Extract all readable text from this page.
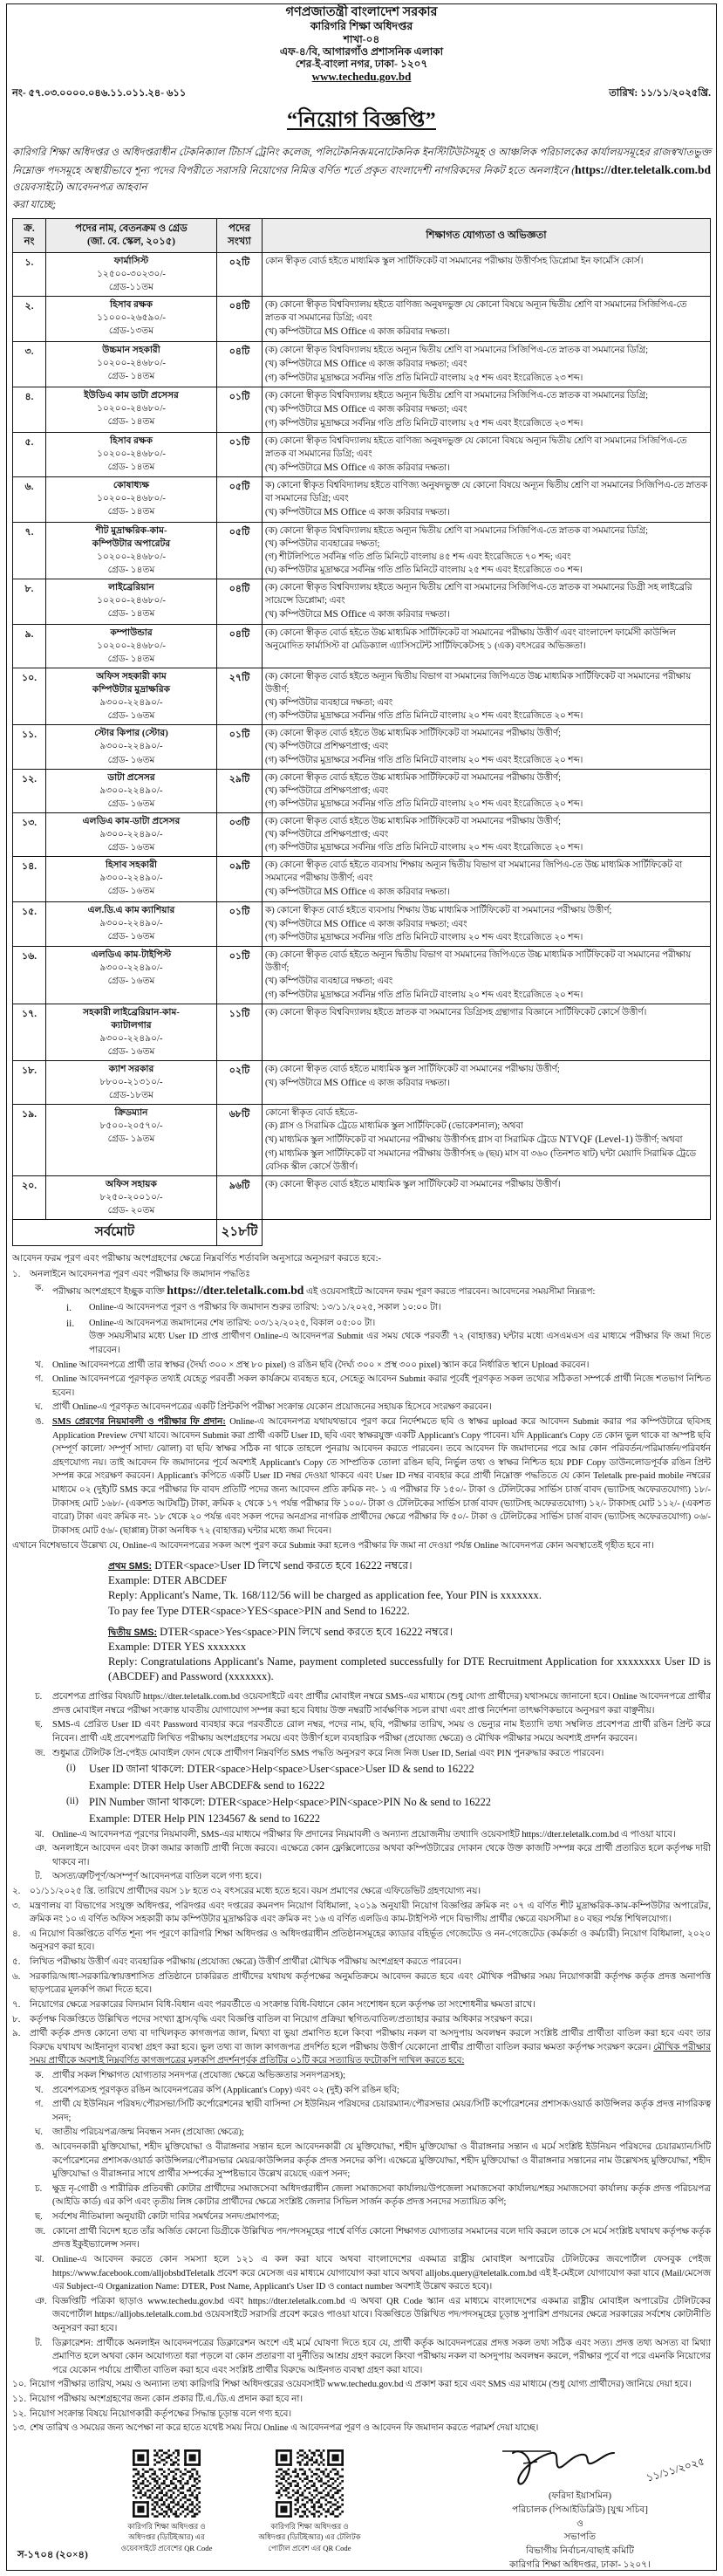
গণপ্রজাতন্ত্রী বাংলাদেশ সরকার
কারিগরি শিক্ষা অধিদপ্তর
শাখা-০৪
এফ-৪/বি, আগারগাঁও প্রশাসনিক এলাকা
শের-ই-বাংলা নগর, ঢাকা- ১২০৭
www.techedu.gov.bd
নং- ৫৭.০৩.০০০০.০৪৬.১১.০১১.২৪- ৬১১	তারিখ: ১১/১১/২০২৫খ্রি.
“নিয়োগ বিজ্ঞপ্তি”
কারিগরি শিক্ষা অধিদপ্তর ও অধিদপ্তরাধীন টেকনিক্যাল টিচার্স ট্রেনিং কলেজ, পলিটেকনিক/মনোটেকনিক ইনস্টিটিউটসমূহ ও আঞ্চলিক পরিচালকের কার্যালয়সমূহের রাজস্বখাতভুক্ত নিম্নোক্ত পদসমূহে অস্থায়ীভাবে শূন্য পদের বিপরীতে সরাসরি নিয়োগের নিমিত্ত বর্ণিত শর্তে প্রকৃত বাংলাদেশী নাগরিকদের নিকট হতে অনলাইনে (https://dter.teletalk.com.bd ওয়েবসাইটে) আবেদনপত্র আহবান
করা যাচ্ছে;
ক্র.
নং	পদের নাম, বেতনক্রম ও গ্রেড
(জা. বে. স্কেল, ২০১৫)	পদের
সংখ্যা	শিক্ষাগত যোগ্যতা ও অভিজ্ঞতা
১.	ফার্মাসিস্ট
১২৫০০-৩০২৩০/-
গ্রেড-১১তম	০২টি	কোন স্বীকৃত বোর্ড হইতে মাধ্যমিক স্কুল সার্টিফিকেট বা সমমানের পরীক্ষায় উত্তীর্ণসহ ডিপ্লোমা ইন ফার্মেসি কোর্স।

২.	হিসাব রক্ষক
১১০০০-২৬৫৯০/-
গ্রেড-১৩তম
	০৪টি	(ক) কোনো স্বীকৃত বিশ্ববিদ্যালয় হইতে বাণিজ্য অনুষদভুক্ত যে কোনো বিষয়ে অন্যূন দ্বিতীয় শ্রেণি বা সমমানের সিজিপিএ-তে স্নাতক বা সমমানের ডিগ্রি; এবং
(খ) কম্পিউটারে MS Office এ কাজ করিবার দক্ষতা।

৩.	উচ্চমান সহকারী
১০২০০-২৪৬৮০/-
গ্রেড- ১৪তম
	০৪টি	(ক) কোনো স্বীকৃত বিশ্ববিদ্যালয় হইতে অন্যূন দ্বিতীয় শ্রেণি বা সমমানের সিজিপিএ-তে স্নাতক বা সমমানের ডিগ্রি;
(খ) কম্পিউটারে MS Office এ কাজ করিবার দক্ষতা; এবং
(গ) কম্পিউটার মুদ্রাক্ষরে সর্বনিম্ন গতি প্রতি মিনিটে বাংলায় ২৫ শব্দ এবং ইংরেজিতে ২৩ শব্দ।

৪.	ইউডিএ কাম ডাটা প্রসেসর
১০২০০-২৪৬৮০/-
গ্রেড- ১৪তম
	০১টি	(ক) কোনো স্বীকৃত বিশ্ববিদ্যালয় হইতে অন্যূন দ্বিতীয় শ্রেণি বা সমমানের সিজিপিএ-তে স্নাতক বা সমমানের ডিগ্রি;
(খ) কম্পিউটারে MS Office এ কাজ করিবার দক্ষতা; এবং
(গ) কম্পিউটার মুদ্রাক্ষরে সর্বনিম্ন গতি প্রতি মিনিটে বাংলায় ২৫ শব্দ এবং ইংরেজিতে ২৩ শব্দ।

৫.	হিসাব রক্ষক
১০২০০-২৪৬৮০/-
গ্রেড- ১৪তম
	০১টি	(ক) কোনো স্বীকৃত বিশ্ববিদ্যালয় হইতে বাণিজ্য অনুষদভুক্ত যে কোনো বিষয়ে অন্যূন দ্বিতীয় শ্রেণি বা সমমানের সিজিপিএ-তে স্নাতক বা সমমানের ডিগ্রি; এবং
(খ) কম্পিউটারে MS Office এ কাজ করিবার দক্ষতা।

৬.	কোষাধ্যক্ষ
১০২০০-২৪৬৮০/-
গ্রেড- ১৪তম
	০৫টি	ক) কোনো স্বীকৃত বিশ্ববিদ্যালয় হইতে বাণিজ্য অনুষদভুক্ত যে কোনো বিষয়ে অন্যূন দ্বিতীয় শ্রেণি বা সমমানের সিজিপিএ-তে স্নাতক বা সমমানের ডিগ্রি; এবং
(খ) কম্পিউটারে MS Office এ কাজ করিবার দক্ষতা।

৭.	শীট মুদ্রাক্ষরিক-কাম-
কম্পিউটার অপারেটর
১০২০০-২৪৬৮০/-
গ্রেড- ১৪তম
	০৫টি	(ক) কোনো স্বীকৃত বিশ্ববিদ্যালয় হইতে অন্যূন দ্বিতীয় শ্রেণি বা সমমানের সিজিপিএ-তে স্নাতক বা সমমানের ডিগ্রি;
(খ) কম্পিউটার ব্যবহারের দক্ষতা;
(গ) শীটলিপিতে সর্বনিম্ন গতি প্রতি মিনিটে বাংলায় ৪৫ শব্দ এবং ইংরেজিতে ৭০ শব্দ; এবং
(ঘ) কম্পিউটার মুদ্রাক্ষরে সর্বনিম্ন গতি প্রতি মিনিটে বাংলায় ২৫ শব্দ এবং ইংরেজিতে ৩০ শব্দ।

৮.	লাইব্রেরিয়ান
১০২০০-২৪৬৮০/-
গ্রেড- ১৪তম
	০৪টি	(ক) কোনো স্বীকৃত বিশ্ববিদ্যালয় হইতে অন্যূন দ্বিতীয় শ্রেণি বা সমমানের সিজিপিএ-তে স্নাতক বা সমমানের ডিগ্রী সহ লাইব্রেরি সায়েন্সে ডিপ্লোমা; এবং
(খ) কম্পিউটারে MS Office এ কাজ করিবার দক্ষতা।

৯.	কম্পাউন্ডার
১০২০০-২৪৬৮০/-
গ্রেড- ১৪তম	০৪টি	(ক) কোনো স্বীকৃত বোর্ড হইতে উচ্চ মাধ্যমিক সার্টিফিকেট বা সমমানের পরীক্ষায় উত্তীর্ণ এবং বাংলাদেশ ফার্মেসী কাউন্সিল অনুমোদিত ফার্মাসিস্ট বা মেডিক্যাল এ্যাসিসটেন্ট সার্টিফিকেটসহ ১ (এক) বৎসরের অভিজ্ঞতা।

১০.	অফিস সহকারী কাম
কম্পিউটার মুদ্রাক্ষরিক
৯৩০০-২২৪৯০/-
গ্রেড- ১৬তম
	২৭টি	(ক) কোনো স্বীকৃত বোর্ড হইতে অন্যূন দ্বিতীয় বিভাগ বা সমমানের জিপিএতে উচ্চ মাধ্যমিক সার্টিফিকেট বা সমমানের পরীক্ষায় উত্তীর্ণ;
(খ) কম্পিউটার ব্যবহারে দক্ষতা; এবং
(গ) কম্পিউটার মুদ্রাক্ষরে সর্বনিম্ন গতি প্রতি মিনিটে বাংলায় ২০ শব্দ এবং ইংরেজিতে ২০ শব্দ।

১১.	স্টোর কিপার (স্টোর)
৯৩০০-২২৪৯০/-
গ্রেড- ১৬তম
	০১টি	(ক) কোনো স্বীকৃত বোর্ড হইতে উচ্চ মাধ্যমিক সার্টিফিকেট বা সমমানের পরীক্ষায় উত্তীর্ণ;
(খ) কম্পিউটারে প্রশিক্ষণপ্রাপ্ত; এবং
(গ) কম্পিউটার মুদ্রাক্ষরে সর্বনিম্ন গতি প্রতি মিনিটে বাংলায় ২০ শব্দ এবং ইংরেজিতে ২০ শব্দ।

১২.	ডাটা প্রসেসর
৯৩০০-২২৪৯০/-
গ্রেড- ১৬তম
	২৯টি	(ক) কোনো স্বীকৃত বোর্ড হইতে উচ্চ মাধ্যমিক সার্টিফিকেট বা সমমানের পরীক্ষায় উত্তীর্ণ;
(খ) কম্পিউটারে প্রশিক্ষণপ্রাপ্ত; এবং
(গ) কম্পিউটার মুদ্রাক্ষরে সর্বনিম্ন গতি প্রতি মিনিটে বাংলায় ২০ শব্দ এবং ইংরেজিতে ২০ শব্দ।

১৩.	এলডিএ কাম-ডাটা প্রসেসর
৯৩০০-২২৪৯০/-
গ্রেড- ১৬তম
	০৩টি	(ক) কোনো স্বীকৃত বোর্ড হইতে উচ্চ মাধ্যমিক সার্টিফিকেট বা সমমানের পরীক্ষায় উত্তীর্ণ;
(খ) কম্পিউটারে প্রশিক্ষণপ্রাপ্ত; এবং
(গ) কম্পিউটার মুদ্রাক্ষরে সর্বনিম্ন গতি প্রতি মিনিটে বাংলায় ২০ শব্দ এবং ইংরেজিতে ২০ শব্দ।

১৪.	হিসাব সহকারী
৯৩০০-২২৪৯০/-
গ্রেড- ১৬তম
	০৯টি	(ক) কোনো স্বীকৃত বোর্ড হইতে ব্যবসায় শিক্ষায় অন্যূন দ্বিতীয় বিভাগ বা সমমানের জিপিএ-তে উচ্চ মাধ্যমিক সার্টিফিকেট বা সমমানের পরীক্ষায় উত্তীর্ণ; এবং
(খ) কম্পিউটারে MS Office এ কাজ করিবার দক্ষতা।

১৫.	এল.ডি.এ কাম ক্যাশিয়ার
৯৩০০-২২৪৯০/-
গ্রেড- ১৬তম
	০১টি	ক) কোনো স্বীকৃত বোর্ড হইতে ব্যবসায় শিক্ষায় উচ্চ মাধ্যমিক সার্টিফিকেট বা সমমানের পরীক্ষায় উত্তীর্ণ;
(খ) কম্পিউটারে MS Office এ কাজ করিবার দক্ষতা; এবং
(গ) কম্পিউটার মুদ্রাক্ষরে সর্বনিম্ন গতি প্রতি মিনিটে বাংলায় ২০ শব্দ এবং ইংরেজিতে ২০ শব্দ।

১৬.	এলডিএ কাম-টাইপিস্ট
৯৩০০-২২৪৯০/-
গ্রেড- ১৬তম
	০১টি	(ক) কোনো স্বীকৃত বোর্ড হইতে অন্যূন দ্বিতীয় বিভাগ বা সমমানের জিপিএতে উচ্চ মাধ্যমিক সার্টিফিকেট বা সমমানের পরীক্ষায় উত্তীর্ণ;
(খ) কম্পিউটার ব্যবহারে দক্ষতা; এবং
(গ) কম্পিউটার মুদ্রাক্ষরে সর্বনিম্ন গতি প্রতি মিনিটে বাংলায় ২০ শব্দ এবং ইংরেজিতে ২০ শব্দ।

১৭.	সহকারী লাইব্রেরিয়ান-কাম-
ক্যাটালগার
৯৩০০-২২৪৯০/-
গ্রেড- ১৬তম	১১টি	(ক) কোনো স্বীকৃত বিশ্ববিদ্যালয় হইতে স্নাতক বা সমমানের ডিগ্রিসহ গ্রন্থাগার বিজ্ঞানে সার্টিফিকেট কোর্সে উত্তীর্ণ।

১৮.	ক্যাশ সরকার
৮৮০০-২১৩১০/-
গ্রেড-১৮তম
	০২টি	(ক) কোনো স্বীকৃত বোর্ড হইতে মাধ্যমিক স্কুল সার্টিফিকেট বা সমমানের পরীক্ষায় উত্তীর্ণ;
(খ) কম্পিউটারে MS Office এ কাজ করিবার দক্ষতা।

১৯.	ক্রিডম্যান
৮৫০০-২০৫৭০/-
গ্রেড- ১৯তম
	৬৮টি	কোনো স্বীকৃত বোর্ড হইতে-
(ক) গ্লাস ও সিরামিক ট্রেডে মাধ্যমিক স্কুল সার্টিফিকেট (ভোকেশনাল); অথবা
(খ) মাধ্যমিক স্কুল সার্টিফিকেট বা সমমানের পরীক্ষায় উত্তীর্ণসহ গ্লাস বা সিরামিক ট্রেডে NTVQF (Level-1) উত্তীর্ণ; অথবা
(গ) মাধ্যমিক স্কুল সার্টিফিকেট বা সমমানের পরীক্ষায় উত্তীর্ণসহ ৬ (ছয়) মাস বা ৩৬০ (তিনশত ষাট) ঘন্টা মেয়াদি সিরামিক ট্রেডে বেসিক স্কীল কোর্সে উত্তীর্ণ।

২০.	অফিস সহায়ক
৮২৫০-২০০১০/-
গ্রেড- ২০তম	৯৬টি	(ক) কোনো স্বীকৃত বোর্ড হইতে মাধ্যমিক স্কুল সার্টিফিকেট বা সমমানের পরীক্ষায় উত্তীর্ণ।

সর্বমোট		২১৮টি	
আবেদন ফরম পূরণ এবং পরীক্ষায় অংশগ্রহণের ক্ষেত্রে নিম্নবর্ণিত শর্তাবলি অনুসারে অনুসরণ করতে হবে:-
১.	অনলাইনে আবেদনপত্র পূরণ এবং পরীক্ষার ফি জমাদান পদ্ধতিঃ
ক. পরীক্ষায় অংশগ্রহণে ইচ্ছুক ব্যক্তি https://dter.teletalk.com.bd এই ওয়েবসাইটে আবেদন ফরম পূরণ করতে পারবেন। আবেদনের সময়সীমা নিম্নরূপ:
i.	Online-এ আবেদনপত্র পূরণ ও পরীক্ষার ফি জমাদান শুরুর তারিখ: ১৩/১১/২০২৫, সকাল ১০:০০ টা।
ii.	Online-এ আবেদনপত্র জমাদানের শেষ তারিখ: ০৩/১২/২০২৫, বিকাল ০৫:০০ টা।
উক্ত সময়সীমার মধ্যে User ID প্রাপ্ত প্রার্থীগণ Online-এ আবেদনপত্র Submit এর সময় থেকে পরবর্তী ৭২ (বাহাত্তর) ঘন্টার মধ্যে এসএমএস এর মাধ্যমে পরীক্ষার ফি জমা দিতে পারবেন।
খ.	Online আবেদনপত্রে প্রার্থী তার স্বাক্ষর (দৈর্ঘ্য ৩০০ × প্রস্থ ৮০ pixel) ও রঙিন ছবি (দৈর্ঘ্য ৩০০ × প্রস্থ ৩০০ pixel) স্ক্যান করে নির্ধারিত স্থানে Upload করবেন।
গ.	Online আবেদনপত্রে পূরণকৃত তথ্যই যেহেতু পরবর্তী সকল কার্যক্রমে ব্যবহৃত হবে, সেহেতু আবেদন Submit করার পূর্বেই পূরণকৃত সকল তথ্যের সঠিকতা সম্পর্কে প্রার্থী নিজে শতভাগ নিশ্চিত হবেন।
ঘ.	প্রার্থী Online-এ পূরণকৃত আবেদনপত্রের একটি প্রিন্টকপি পরীক্ষা সংক্রান্ত যেকোন প্রয়োজনের সহায়ক হিসেবে সংরক্ষণ করবেন।
ঙ. SMS প্রেরণের নিয়মাবলী ও পরীক্ষার ফি প্রদান: Online-এ আবেদনপত্র যথাযথভাবে পূরণ করে নির্দেশমতে ছবি ও স্বাক্ষর upload করে আবেদন Submit করার পর কম্পিউটারে ছবিসহ Application Preview দেখা যাবে। আবেদন Submit করা প্রার্থী একটি User ID, ছবি এবং স্বাক্ষরযুক্ত একটি Applicant's Copy পাবেন। যদি Applicant's Copy তে কোন ভুল থাকে বা অস্পষ্ট ছবি (সম্পূর্ণ কালো/ সম্পূর্ণ সাদা/ ঝোলা) বা ছবি/ স্বাক্ষর সঠিক না থাকে তাহলে পুনরায় আবেদন করতে পারবেন। তবে আবেদন ফি জমাদানের পরে আর কোন পরিবর্তন/পরিমার্জন/পরিবর্ধন গ্রহণযোগ্য নয়। তাই আবেদন ফি জমাদানের পূর্বে অবশ্যই Applicant's Copy তে সাম্প্রতিক তোলা রঙিন ছবি, নির্ভুল তথ্য ও স্বাক্ষর নিশ্চিত হয়ে PDF Copy ডাউনলোডপূর্বক রঙিন প্রিন্ট সম্পন্ন করে সংরক্ষণ করবেন। Applicant's কপিতে একটি User ID নম্বর দেওয়া থাকবে এবং User ID নম্বর ব্যবহার করে প্রার্থী নিম্নোক্ত পদ্ধতিতে যে কোন Teletalk pre-paid mobile নম্বরের মাধ্যমে ০২ (দুই)টি SMS করে পরীক্ষার ফি বাবদ প্রতিটি পদের জন্য আবেদন প্রতি ক্রমিক নং- ১ এ পরীক্ষার ফি ১৫০/- টাকা ও টেলিটকের সার্ভিস চার্জ বাবদ (ভ্যাটসহ অফেরতযোগ্য) ১৮/- টাকাসহ মোট ১৬৮/- (একশত আটষট্টি) টাকা, ক্রমিক ২ থেকে ১৭ পর্যন্ত পরীক্ষার ফি ১০০/- টাকা ও টেলিটকের সার্ভিস চার্জ বাবদ (ভ্যাটসহ অফেরতযোগ্য) ১২/- টাকাসহ মোট ১১২/- (একশত বারো) টাকা এবং ক্রমিক নং- ১৮ থেকে ২০ পর্যন্ত এবং সকল পদের অনগ্রসর নাগরিক প্রার্থীদের ক্ষেত্রে পরীক্ষার ফি ৫০/- টাকা ও টেলিটকের সার্ভিস চার্জ বাবদ (ভ্যাটসহ অফেরতযোগ্য) ০৬/- টাকাসহ মোট ৫৬/- (ছাপ্পান্ন) টাকা অনধিক ৭২ (বাহাত্তর) ঘন্টার মধ্যে জমা দিবেন।
এখানে বিশেষভাবে উল্লেখ্য যে, Online-এ আবেদনপত্রের সকল অংশ পুরণ করে Submit করা হলেও পরীক্ষার ফি জমা না দেওয়া পর্যন্ত Online আবেদনপত্র কোন অবস্থাতেই গৃহীত হবে না।
প্রথম SMS: DTER<space>User ID লিখে send করতে হবে 16222 নম্বরে।
Example: DTER ABCDEF
Reply: Applicant's Name, Tk. 168/112/56 will be charged as application fee, Your PIN is xxxxxxx.
To pay fee Type DTER<space>YES<space>PIN and Send to 16222.
দ্বিতীয় SMS: DTER<space>Yes<space>PIN লিখে send করতে হবে 16222 নম্বরে।
Example: DTER YES xxxxxxx
Reply: Congratulations Applicant's Name, payment completed successfully for DTE Recruitment Application for xxxxxxxx User ID is (ABCDEF) and Password (xxxxxxx).
চ.	প্রবেশপত্র প্রাপ্তির বিষয়টি https://dter.teletalk.com.bd ওয়েবসাইটে এবং প্রার্থীর মোবাইল নম্বরে SMS-এর মাধ্যমে (শুধু যোগ্য প্রার্থীদের) যথাসময়ে জানানো হবে। Online আবেদনপত্রে প্রার্থীর প্রদত্ত মোবাইল নম্বরে পরীক্ষা সংক্রান্ত যাবতীয় যোগাযোগ সম্পন্ন করা হবে বিধায় উক্ত নম্বরটি সার্বক্ষণিক সচল রাখা এবং প্রাপ্ত নির্দেশনা তাৎক্ষণিকভাবে অনুসরণ করা বাঞ্ছনীয়।
ছ.	SMS-এ প্রেরিত User ID এবং Password ব্যবহার করে পরবর্তীতে রোল নম্বর, পদের নাম, ছবি, পরীক্ষার তারিখ, সময় ও ভেন্যুর নাম ইত্যাদি তথ্য সম্বলিত প্রবেশপত্র প্রার্থী রঙিন প্রিন্ট করে নিবেন। প্রার্থী এই প্রবেশপত্রটি লিখিত পরীক্ষায় অংশগ্রহণের সময়ে এবং উত্তীর্ণ হলে ব্যবহারিক পরীক্ষা (প্রযোজ্য ক্ষেত্রে) ও মৌখিক পরীক্ষার সময়ে অবশ্যই প্রদর্শন করবেন।
জ. শুধুমাত্র টেলিটক প্রি-পেইড মোবাইল ফোন থেকে প্রার্থীগণ নিম্নবর্ণিত SMS পদ্ধতি অনুসরণ করে নিজ নিজ User ID, Serial এবং PIN পুনরুদ্ধার করতে পারবেন।
(i)	User ID জানা থাকলে: DTER<space>Help<space>User<space>User ID & send to 16222
Example: DTER Help User ABCDEF& send to 16222
(ii) PIN Number জানা থাকলে: DTER<space>Help<space>PIN<space>PIN No & send to 16222
Example: DTER Help PIN 1234567 & send to 16222
ঝ. Online-এ আবেদনপত্র পূরণের নিয়মাবলী, SMS-এর মাধ্যমে পরীক্ষার ফি প্রদানের নিয়মাবলী ও অন্যান্য প্রয়োজনীয় তথ্যাদি ওয়েবসাইট https://dter.teletalk.com.bd এ পাওয়া যাবে।
ঞ. অনলাইনে আবেদন এবং টাকা জমার কাজটি প্রার্থী নিজে করবে। এক্ষেত্রে কোন ফ্লেক্সিলোডের অথবা কম্পিউটারের দোকান থেকে উক্ত কাজটি সম্পন্ন করে প্রার্থী প্রতারিত হলে কর্তৃপক্ষ দায়ী থাকবে না।
ট.	অসত্য/ত্রুটিপূর্ণ/অসম্পূর্ণ আবেদনপত্র বাতিল বলে গণ্য হবে।
২.	০১/১১/২০২৫ খ্রি. তারিখে প্রার্থীদের বয়স ১৮ হতে ৩২ বৎসরের মধ্যে হতে হবে। বয়স প্রমাণের ক্ষেত্রে এফিডেভিট গ্রহণযোগ্য নয়।
৩.	মন্ত্রণালয় বা বিভাগের সংযুক্ত অধিদপ্তর, পরিদপ্তর এবং দপ্তরের কমনপদ নিয়োগ বিধিমালা, ২০১৯ অনুযায়ী নিয়োগ বিজ্ঞপ্তির ক্রমিক নং ০৭ এ বর্ণিত শীট মুদ্রাক্ষরিক-কাম-কম্পিউটার অপারেটর, ক্রমিক নং ১০ এ বর্ণিত অফিস সহকারী কাম কম্পিউটার মুদ্রাক্ষরিক এবং ক্রমিক নং ১৬ এ বর্ণিত এলডিএ কাম-টাইপিস্ট পদে বিভাগীয় প্রার্থীর ক্ষেত্রে বয়সসীমা ৪০ বছর পর্যন্ত শিথিলযোগ্য।
৪.	এ নিয়োগ বিজ্ঞপ্তিতে বর্ণিত শূন্য পদ পূরণে কারিগরি শিক্ষা অধিদপ্তর ও অধিদপ্তরাধীন প্রতিষ্ঠানসমূহের ক্যাডার বহির্ভূত গেজেটেড ও নন-গেজেটেড (কর্মকর্তা ও কর্মচারী) নিয়োগ বিধিমালা, ২০২০ অনুসরণ করা হবে।
৫.	লিখিত পরীক্ষায় উত্তীর্ণ এবং ব্যবহারিক পরীক্ষায় (প্রযোজ্য ক্ষেত্রে) উত্তীর্ণ প্রার্থীরা মৌখিক পরীক্ষায় অংশগ্রহণ করতে পারবেন।
৬.	সরকারি/আধা-সরকারি/স্বায়ত্তশাসিত প্রতিষ্ঠানে চাকরিরত প্রার্থীদের যথাযথ কর্তৃপক্ষের অনুমতিক্রমে আবেদন করতে হবে এবং মৌখিক পরীক্ষার সময় নিয়োগকারী কর্তৃপক্ষ কর্তৃক প্রদত্ত অনাপত্তি ছাড়পত্রের মূলকপি জমা দিতে হবে।
৭.	নিয়োগের ক্ষেত্রে সরকারের বিদ্যমান বিধি-বিধান এবং পরবর্তীতে এ সংক্রান্ত বিধি-বিধানে কোন সংশোধন হলে কর্তৃপক্ষ তা সংশোধনীর ক্ষমতা রাখে।
৮.	কর্তৃপক্ষ বিজ্ঞপ্তিতে উল্লিখিত পদের সংখ্যা হ্রাস/বৃদ্ধি এবং বিজ্ঞপ্তি বাতিল বা নিয়োগ প্রক্রিয়া স্থগিত/বাতিল/প্রত্যাহার করার অধিকার সংরক্ষণ করে।
৯.	প্রার্থী কর্তৃক প্রদত্ত কোনো তথ্য বা দাখিলকৃত কাগজপত্র জাল, মিথ্যা বা ভুয়া প্রমাণিত হলে কিংবা পরীক্ষায় নকল বা অসদুপায় অবলম্বন করলে সংশ্লিষ্ট প্রার্থীর প্রার্থীতা বাতিল করা হবে এবং তার বিরুদ্ধে যথাযথ আইনানুগ ব্যবস্থা গ্রহণ করা হবে। ভুল তথ্য বা জাল কাগজপত্র প্রদর্শিত হলে পরীক্ষায় উত্তীর্ণ যেকোনো প্রার্থীর প্রার্থীতা বাতিল করার ক্ষমতা কর্তৃপক্ষ সংরক্ষণ করেন। মৌখিক পরীক্ষার সময় প্রার্থীকে অবশ্যই নিম্নবর্ণিত কাগজপত্রের মূলকপি প্রদর্শনপূর্বক প্রতিটির ০১টি করে সত্যায়িত ফটোকপি দাখিল করতে হবে:
ক. প্রার্থীর সকল শিক্ষাগত যোগ্যতার সনদপত্র (প্রযোজ্য ক্ষেত্রে অভিজ্ঞতার সনদপত্রসহ);
খ.	প্রবেশপত্রসহ পূরণকৃত রঙিন আবেদনপত্রের কপি (Applicant's Copy) এবং ০২ (দুই) কপি রঙিন ছবি;
গ.	প্রার্থী যে ইউনিয়ন পরিষদ/পৌরসভা/সিটি কর্পোরেশনের স্থায়ী বাসিন্দা সে ইউনিয়ন পরিষদের চেয়ারম্যান/পৌরসভার মেয়র/সিটি কর্পোরেশনের প্রশাসক/ওয়ার্ড কাউন্সিলর কর্তৃক প্রদত্ত নাগরিকত্ব সনদ;
ঘ.	জাতীয় পরিচয়পত্র/জন্ম নিবন্ধন সনদ (প্রযোজ্য ক্ষেত্রে);
ঙ. আবেদনকারী মুক্তিযোদ্ধা, শহীদ মুক্তিযোদ্ধা ও বীরাঙ্গনার সন্তান হলে আবেদনকারী যে মুক্তিযোদ্ধা, শহীদ মুক্তিযোদ্ধা ও বীরাঙ্গনার সন্তান এ মর্মে সংশ্লিষ্ট ইউনিয়ন পরিষদের চেয়ারম্যান/সিটি কর্পোরেশনের প্রশাসক/ওয়ার্ড কাউন্সিলর/পৌরসভার মেয়র/কাউন্সিলর কর্তৃক প্রদত্ত সনদের কপি। এক্ষেত্রে মুক্তিযোদ্ধা, শহীদ মুক্তিযোদ্ধা ও বীরাঙ্গনার সন্তানের নাম উল্লেখসহ মুক্তিযোদ্ধা, শহীদ মুক্তিযোদ্ধা ও বীরাঙ্গনার সাথে প্রার্থীর সম্পর্কের সুস্পষ্টভাবে উল্লেখ রয়েছে এরূপ সনদ;
চ.	ক্ষুদ্র নৃ-গোষ্ঠী ও শারীরিক প্রতিবন্ধী কোটার প্রার্থীদের সমাজসেবা অধিদপ্তরাধীন জেলা সমাজসেবা কার্যালয়/উপজেলা সমাজসেবা কার্যালয়/শহর সমাজসেবা কার্যালয় কর্তৃক প্রদত্ত পরিচয়পত্র (আইডি কার্ড) এর কপি এবং তৃতীয় লিঙ্গ কোটার প্রার্থীদের ক্ষেত্রে সংশ্লিষ্ট জেলার সিভিল সার্জন কর্তৃক প্রদত্ত সনদের সত্যায়িত কপি;
ছ.	সর্বশেষ নীতিমালা অনুযায়ী কোটা দাবির সমর্থনের সনদ/প্রমাণপত্র;
জ. কোনো প্রার্থী বিদেশ হতে তাঁর অর্জিত কোনো ডিগ্রীকে উল্লিখিত পদ/পদসমূহের পার্শ্বে বর্ণিত কোনো শিক্ষাগত যোগ্যতার সমমানের বলে দাবি করলে তাকে সে মর্মে সংশ্লিষ্ট যথাযথ কর্তৃপক্ষ কর্তৃক প্রদত্ত ইকুইভ্যালেন্স সনদ।
ঝ. Online-এ আবেদন করতে কোন সমস্যা হলে ১২১ এ কল করা যাবে অথবা বাংলাদেশের একমাত্র রাষ্ট্রীয় মোবাইল অপারেটর টেলিটকের জবপোর্টাল ফেসবুক পেইজ https://www.facebook.com/alljobsbdTeletalk প্রবেশ করে মেসেজ এর মাধ্যমে যোগাযোগ করা যাবে অথবা alljobs.query@teletalk.com.bd এই ই-মেইলে যোগাযোগ করা যাবে (Mail/মেসেজ এর Subject-এ Organization Name: DTER, Post Name, Applicant's User ID ও contact number অবশ্যই উল্লেখ করতে হবে)।
ঞ. বিজ্ঞপ্তিটি পত্রিকা ছাড়াও www.techedu.gov.bd এবং https://dter.teletalk.com.bd এ অথবা QR Code স্ক্যান এর মাধ্যমে বাংলাদেশের একমাত্র রাষ্ট্রীয় মোবাইল অপারেটর টেলিটকের জবপোর্টাল https://alljobs.teletalk.com.bd ওয়েবসাইটে সরাসরি প্রবেশ করেও পাওয়া যাবে। বিজ্ঞপ্তিতে উল্লিখিত পদ/পদসমূহের চূড়ান্ত সুপারিশ প্রণয়নের ক্ষেত্রে সরকারের সর্বশেষ কোটানীতি অনুসরণ করা হবে।
ট.	ডিক্লারেশন: প্রার্থীকে অনলাইন আবেদনপত্রের ডিক্লারেশন অংশে এই মর্মে ঘোষণা দিতে হবে যে, প্রার্থী কর্তৃক আবেদনপত্রের প্রদত্ত সকল তথ্য সঠিক এবং সত্য। প্রদত্ত তথ্য অসত্য বা মিথ্যা প্রমাণিত হলে অথবা কোন অযোগ্যতা ধরা পড়লে বা কোন প্রতারণা বা দুর্নীতির আশ্রয় গ্রহণ করলে কিংবা পরীক্ষায় নকল বা অসদুপায় অবলম্বন করলে, পরীক্ষার পূর্বে বা পরে এমনকি নিয়োগের পরে যেকোন পর্যায়ে প্রার্থীতা বাতিল করা হবে এবং সংশ্লিষ্ট প্রার্থীর বিরুদ্ধে আইনগত ব্যবস্থা গ্রহণ করা যাবে।
১০. নিয়োগ পরীক্ষার তারিখ, সময় ও অন্যান্য তথ্য কারিগরি শিক্ষা অধিদপ্তরের ওয়েবসাইট www.techedu.gov.bd এ প্রকাশ করা হবে এবং SMS এর মাধ্যমে (শুধু যোগ্য প্রার্থীদের) জানিয়ে দেয়া হবে।
১১. নিয়োগ পরীক্ষায় অংশগ্রহণের জন্য কোন প্রকার টি.এ./ডি.এ প্রদান করা হবে না।
১২. নিয়োগ সংক্রান্ত বিষয়ে নিয়োগকারী কর্তৃপক্ষের সিদ্ধান্ত চূড়ান্ত বলে গণ্য হবে।
১৩. শেষ তারিখ ও সময়ের জন্য অপেক্ষা না করে হাতে যথেষ্ট সময় নিয়ে Online এ আবেদনপত্র পূরণ ও আবেদন ফি জমাদান করতে পরামর্শ দেয়া যাচ্ছে।
কারিগরি শিক্ষা অধিদপ্তর ও অধিদপ্তর (ডিটিইআর) এর ওয়েবসাইটে প্রবেশের QR Code
কারিগরি শিক্ষা অধিদপ্তর ও অধিদপ্তর (ডিটিইআর) এর টেলিটক পোর্টাল প্রবেশ এর QR Code
১১/১১/২০২৫
(ফরিদা ইয়াসমিন)
পরিচালক (পিআইডিব্লিউ) [যুগ্ম সচিব]
ও
সভাপতি
বিভাগীয় নির্বাচন/বাছাই কমিটি
কারিগরি শিক্ষা অধিদপ্তর, ঢাকা- ১২০৭।
স-১৭০৪ (২০×৪)
